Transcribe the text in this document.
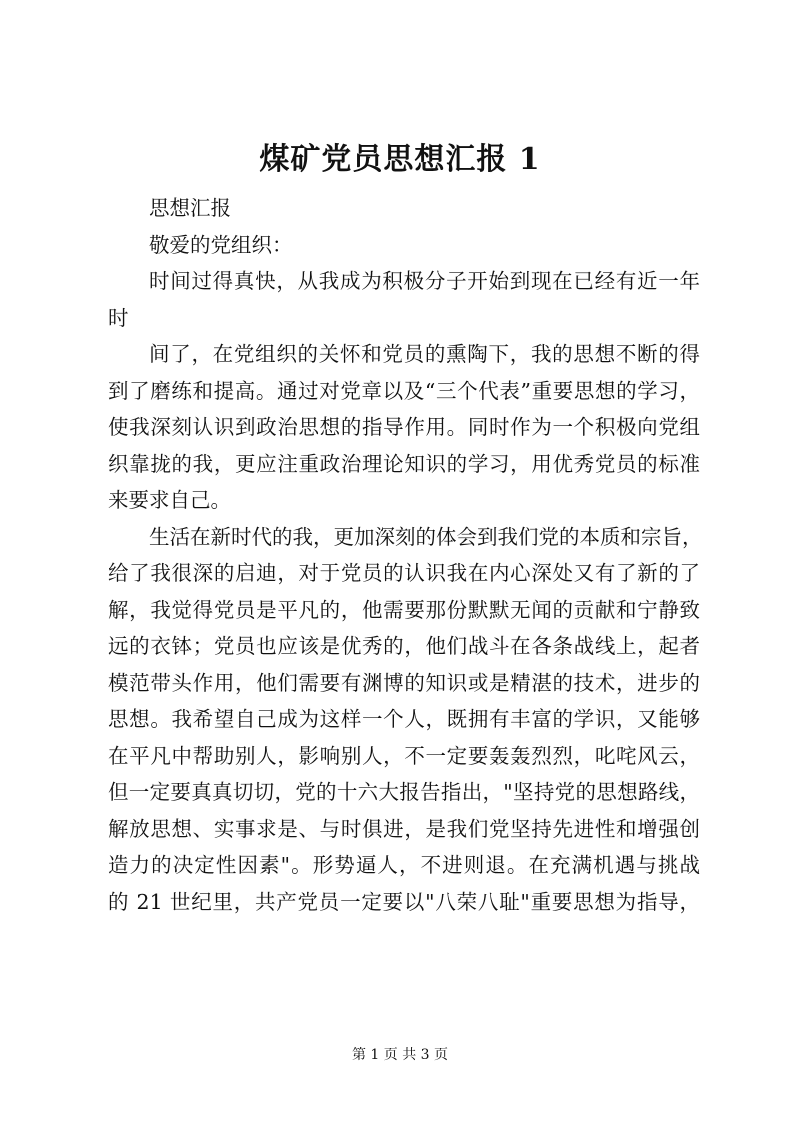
煤矿党员思想汇报 1
思想汇报
敬爱的党组织：
时间过得真快，从我成为积极分子开始到现在已经有近一年
时
间了，在党组织的关怀和党员的熏陶下，我的思想不断的得
到了磨练和提高。通过对党章以及“三个代表”重要思想的学习，
使我深刻认识到政治思想的指导作用。同时作为一个积极向党组
织靠拢的我，更应注重政治理论知识的学习，用优秀党员的标准
来要求自己。
生活在新时代的我，更加深刻的体会到我们党的本质和宗旨，
给了我很深的启迪，对于党员的认识我在内心深处又有了新的了
解，我觉得党员是平凡的，他需要那份默默无闻的贡献和宁静致
远的衣钵；党员也应该是优秀的，他们战斗在各条战线上，起者
模范带头作用，他们需要有渊博的知识或是精湛的技术，进步的
思想。我希望自己成为这样一个人，既拥有丰富的学识，又能够
在平凡中帮助别人，影响别人，不一定要轰轰烈烈，叱咤风云，
但一定要真真切切，党的十六大报告指出，"坚持党的思想路线，
解放思想、实事求是、与时俱进，是我们党坚持先进性和增强创
造力的决定性因素"。形势逼人，不进则退。在充满机遇与挑战
的 21 世纪里，共产党员一定要以"八荣八耻"重要思想为指导，
第 1 页 共 3 页
